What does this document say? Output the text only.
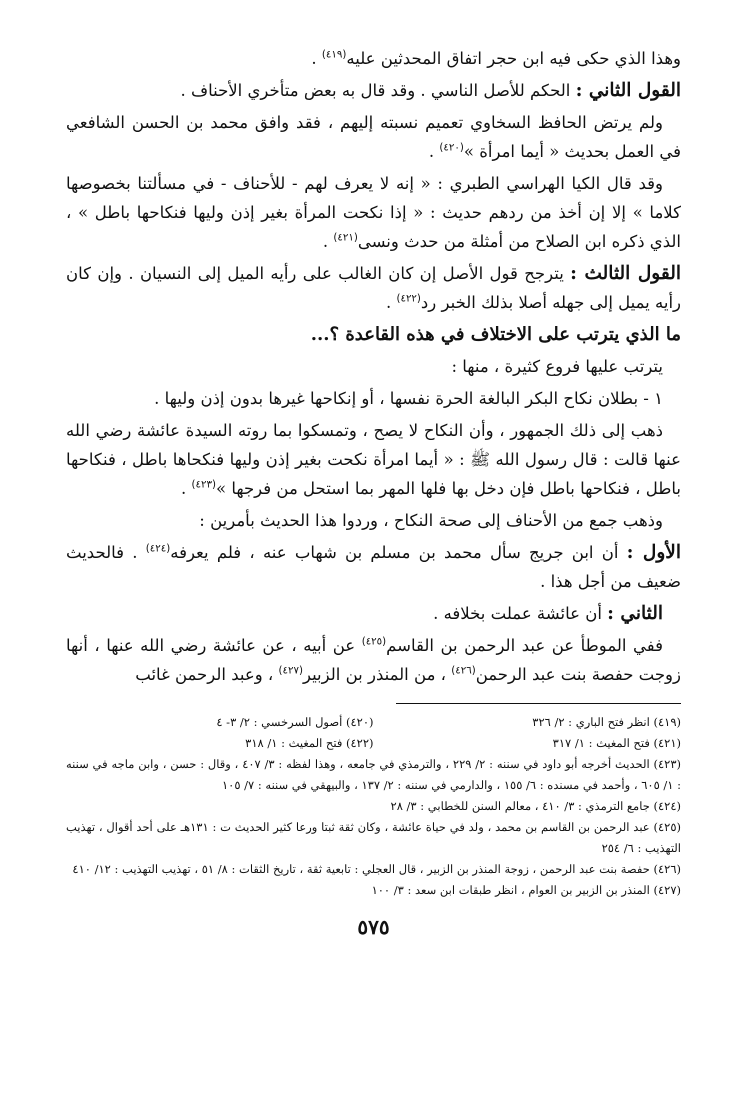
وهذا الذي حكى فيه ابن حجر اتفاق المحدثين عليه$^{(٤١٩)}$ .

القول الثاني : الحكم للأصل الناسي . وقد قال به بعض متأخري الأحناف .

ولم يرتض الحافظ السخاوي تعميم نسبته إليهم ، فقد وافق محمد بن الحسن الشافعي في العمل بحديث « أيما امرأة »$^{(٤٢٠)}$ .

وقد قال الكيا الهراسي الطبري : « إنه لا يعرف لهم - للأحناف - في مسألتنا بخصوصها كلاما » إلا إن أخذ من ردهم حديث : « إذا نكحت المرأة بغير إذن وليها فنكاحها باطل » ، الذي ذكره ابن الصلاح من أمثلة من حدث ونسى$^{(٤٢١)}$ .

القول الثالث : يترجح قول الأصل إن كان الغالب على رأيه الميل إلى النسيان . وإن كان رأيه يميل إلى جهله أصلا بذلك الخبر رد$^{(٤٢٢)}$ .

ما الذي يترتب على الاختلاف في هذه القاعدة ؟...

يترتب عليها فروع كثيرة ، منها :

١ - بطلان نكاح البكر البالغة الحرة نفسها ، أو إنكاحها غيرها بدون إذن وليها .

ذهب إلى ذلك الجمهور ، وأن النكاح لا يصح ، وتمسكوا بما روته السيدة عائشة رضي الله عنها قالت : قال رسول الله ﷺ : « أيما امرأة نكحت بغير إذن وليها فنكحاها باطل ، فنكاحها باطل ، فنكاحها باطل فإن دخل بها فلها المهر بما استحل من فرجها »$^{(٤٢٣)}$ .

وذهب جمع من الأحناف إلى صحة النكاح ، وردوا هذا الحديث بأمرين :

الأول : أن ابن جريج سأل محمد بن مسلم بن شهاب عنه ، فلم يعرفه$^{(٤٢٤)}$ . فالحديث ضعيف من أجل هذا .

الثاني : أن عائشة عملت بخلافه .

ففي الموطأ عن عبد الرحمن بن القاسم$^{(٤٢٥)}$ عن أبيه ، عن عائشة رضي الله عنها ، أنها زوجت حفصة بنت عبد الرحمن$^{(٤٢٦)}$ ، من المنذر بن الزبير$^{(٤٢٧)}$ ، وعبد الرحمن غائب

(٤١٩) انظر فتح الباري : ٢/ ٣٢٦
(٤٢٠) أصول السرخسي : ٢/ ٣- ٤
(٤٢١) فتح المغيث : ١/ ٣١٧
(٤٢٢) فتح المغيث : ١/ ٣١٨

(٤٢٣) الحديث أخرجه أبو داود في سننه : ٢/ ٢٢٩ ، والترمذي في جامعه ، وهذا لفظه : ٣/ ٤٠٧ ، وقال : حسن ، وابن ماجه في سننه : ١/ ٦٠٥ ، وأحمد في مسنده : ٦/ ١٥٥ ، والدارمي في سننه : ٢/ ١٣٧ ، والبيهقي في سننه : ٧/ ١٠٥

(٤٢٤) جامع الترمذي : ٣/ ٤١٠ ، معالم السنن للخطابي : ٣/ ٢٨

(٤٢٥) عبد الرحمن بن القاسم بن محمد ، ولد في حياة عائشة ، وكان ثقة ثبتا ورعا كثير الحديث ت : ١٣١هـ على أحد أقوال ، تهذيب التهذيب : ٦/ ٢٥٤

(٤٢٦) حفصة بنت عبد الرحمن ، زوجة المنذر بن الزبير ، قال العجلي : تابعية ثقة ، تاريخ الثقات : ٨/ ٥١ ، تهذيب التهذيب : ١٢/ ٤١٠

(٤٢٧) المنذر بن الزبير بن العوام ، انظر طبقات ابن سعد : ٣/ ١٠٠

٥٧٥
